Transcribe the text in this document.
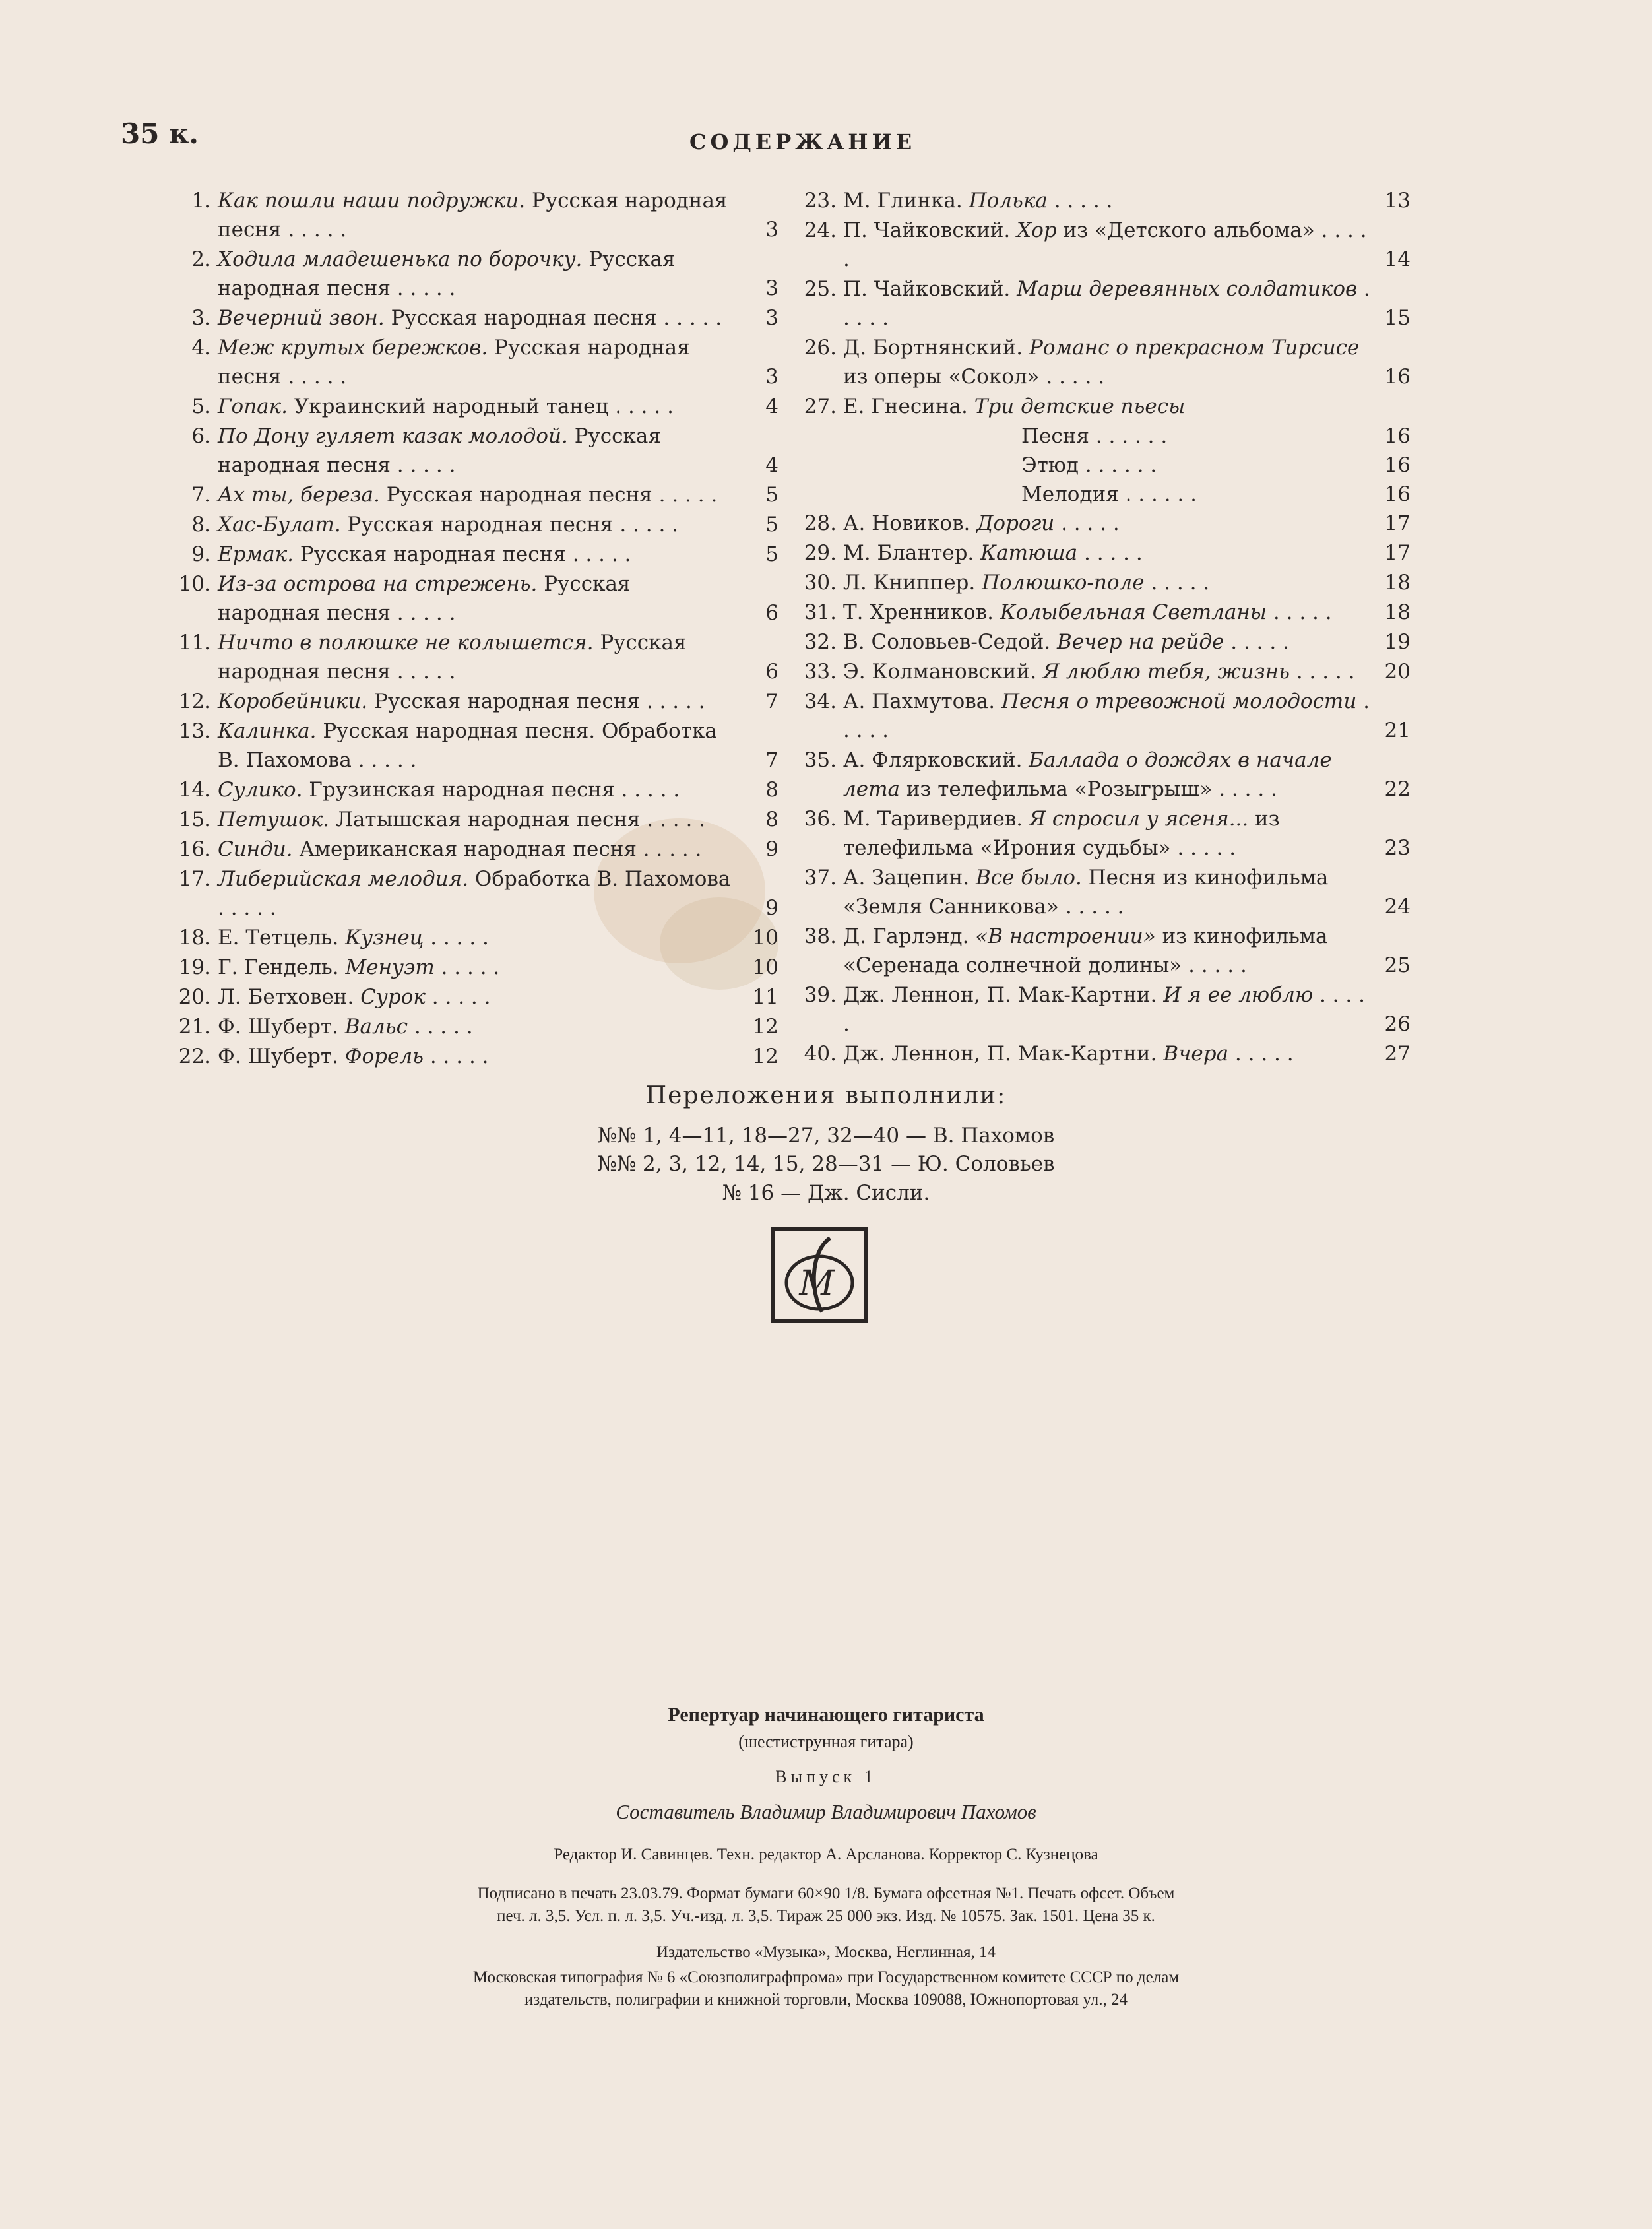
35 к.	СОДЕРЖАНИЕ
1. Как пошли наши подружки. Русская народная песня . . . . .	3
2. Ходила младешенька по борочку. Русская народная песня . . . . .	3
3. Вечерний звон. Русская народная песня . . . . .	3
4. Меж крутых бережков. Русская народная песня . . . . .	3
5. Гопак. Украинский народный танец . . . . .	4
6. По Дону гуляет казак молодой. Русская народная песня . . . . .	4
7. Ах ты, береза. Русская народная песня . . . . .	5
8. Хас-Булат. Русская народная песня . . . . .	5
9. Ермак. Русская народная песня . . . . .	5
10. Из-за острова на стрежень. Русская народная песня . . . . .	6
11. Ничто в полюшке не колышется. Русская народная песня . . . . .	6
12. Коробейники. Русская народная песня . . . . .	7
13. Калинка. Русская народная песня. Обработка В. Пахомова . . . . .	7
14. Сулико. Грузинская народная песня . . . . .	8
15. Петушок. Латышская народная песня . . . . .	8
16. Синди. Американская народная песня . . . . .	9
17. Либерийская мелодия. Обработка В. Пахомова . . . . .	9
18. Е. Тетцель. Кузнец . . . . .	10
19. Г. Гендель. Менуэт . . . . .	10
20. Л. Бетховен. Сурок . . . . .	11
21. Ф. Шуберт. Вальс . . . . .	12
22. Ф. Шуберт. Форель . . . . .	12
23. М. Глинка. Полька . . . . .	13
24. П. Чайковский. Хор из «Детского альбома» . . . . .	14
25. П. Чайковский. Марш деревянных солдатиков . . . . .	15
26. Д. Бортнянский. Романс о прекрасном Тирсисе из оперы «Сокол» . . . . .	16
27. Е. Гнесина. Три детские пьесы
Песня . . . . . .	16
Этюд . . . . . .	16
Мелодия . . . . . .	16
28. А. Новиков. Дороги . . . . .	17
29. М. Блантер. Катюша . . . . .	17
30. Л. Книппер. Полюшко-поле . . . . .	18
31. Т. Хренников. Колыбельная Светланы . . . . .	18
32. В. Соловьев-Седой. Вечер на рейде . . . . .	19
33. Э. Колмановский. Я люблю тебя, жизнь . . . . .	20
34. А. Пахмутова. Песня о тревожной молодости . . . . .	21
35. А. Флярковский. Баллада о дождях в начале лета из телефильма «Розыгрыш» . . . . .	22
36. М. Таривердиев. Я спросил у ясеня... из телефильма «Ирония судьбы» . . . . .	23
37. А. Зацепин. Все было. Песня из кинофильма «Земля Санникова» . . . . .	24
38. Д. Гарлэнд. «В настроении» из кинофильма «Серенада солнечной долины» . . . . .	25
39. Дж. Леннон, П. Мак-Картни. И я ее люблю . . . . .	26
40. Дж. Леннон, П. Мак-Картни. Вчера . . . . .	27
Переложения выполнили:
№№ 1, 4—11, 18—27, 32—40 — В. Пахомов
№№ 2, 3, 12, 14, 15, 28—31 — Ю. Соловьев
№ 16 — Дж. Сисли.
М
Репертуар начинающего гитариста
(шестиструнная гитара)
Выпуск 1
Составитель Владимир Владимирович Пахомов
Редактор И. Савинцев. Техн. редактор А. Арсланова. Корректор С. Кузнецова
Подписано в печать 23.03.79. Формат бумаги 60×90 1/8. Бумага офсетная №1. Печать офсет. Объем
печ. л. 3,5. Усл. п. л. 3,5. Уч.-изд. л. 3,5. Тираж 25 000 экз. Изд. № 10575. Зак. 1501. Цена 35 к.
Издательство «Музыка», Москва, Неглинная, 14
Московская типография № 6 «Союзполиграфпрома» при Государственном комитете СССР по делам
издательств, полиграфии и книжной торговли, Москва 109088, Южнопортовая ул., 24
